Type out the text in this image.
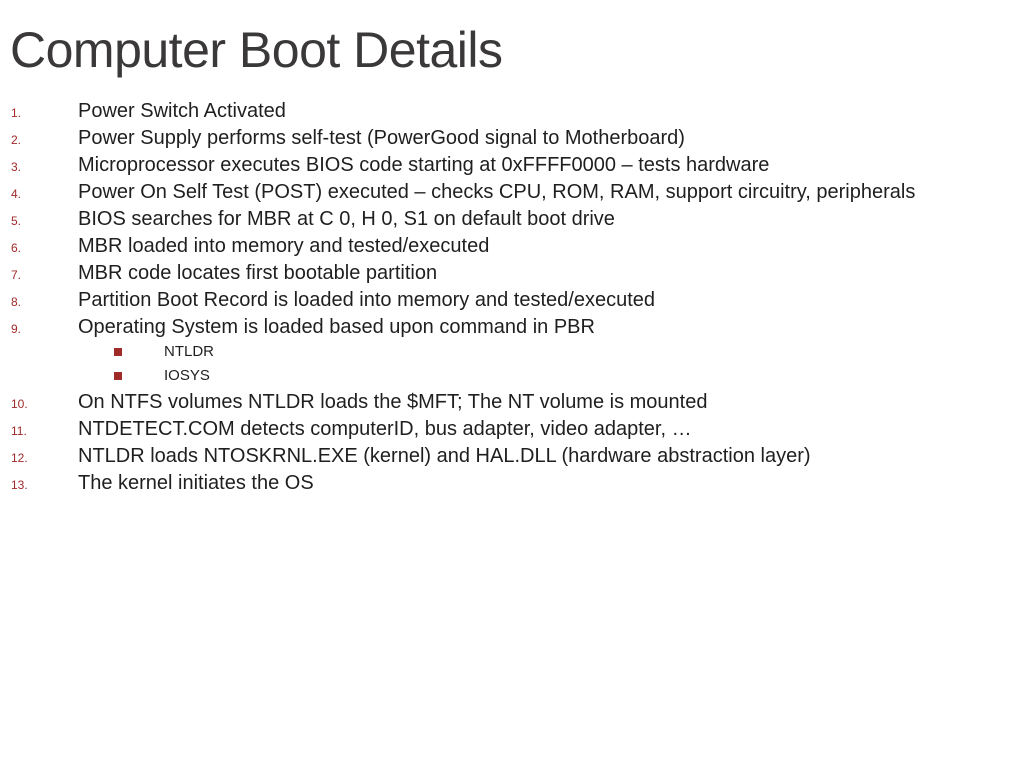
Computer Boot Details
1.	Power Switch Activated
2.	Power Supply performs self-test (PowerGood signal to Motherboard)
3.	Microprocessor executes BIOS code starting at 0xFFFF0000 – tests hardware
4.	Power On Self Test (POST) executed – checks CPU, ROM, RAM, support circuitry, peripherals
5.	BIOS searches for MBR at C 0, H 0, S1 on default boot drive
6.	MBR loaded into memory and tested/executed
7.	MBR code locates first bootable partition
8.	Partition Boot Record is loaded into memory and tested/executed
9.	Operating System is loaded based upon command in PBR
NTLDR
IOSYS
10.	On NTFS volumes NTLDR loads the $MFT; The NT volume is mounted
11.	NTDETECT.COM detects computerID, bus adapter, video adapter, …
12.	NTLDR loads NTOSKRNL.EXE (kernel) and HAL.DLL (hardware abstraction layer)
13.	The kernel initiates the OS
